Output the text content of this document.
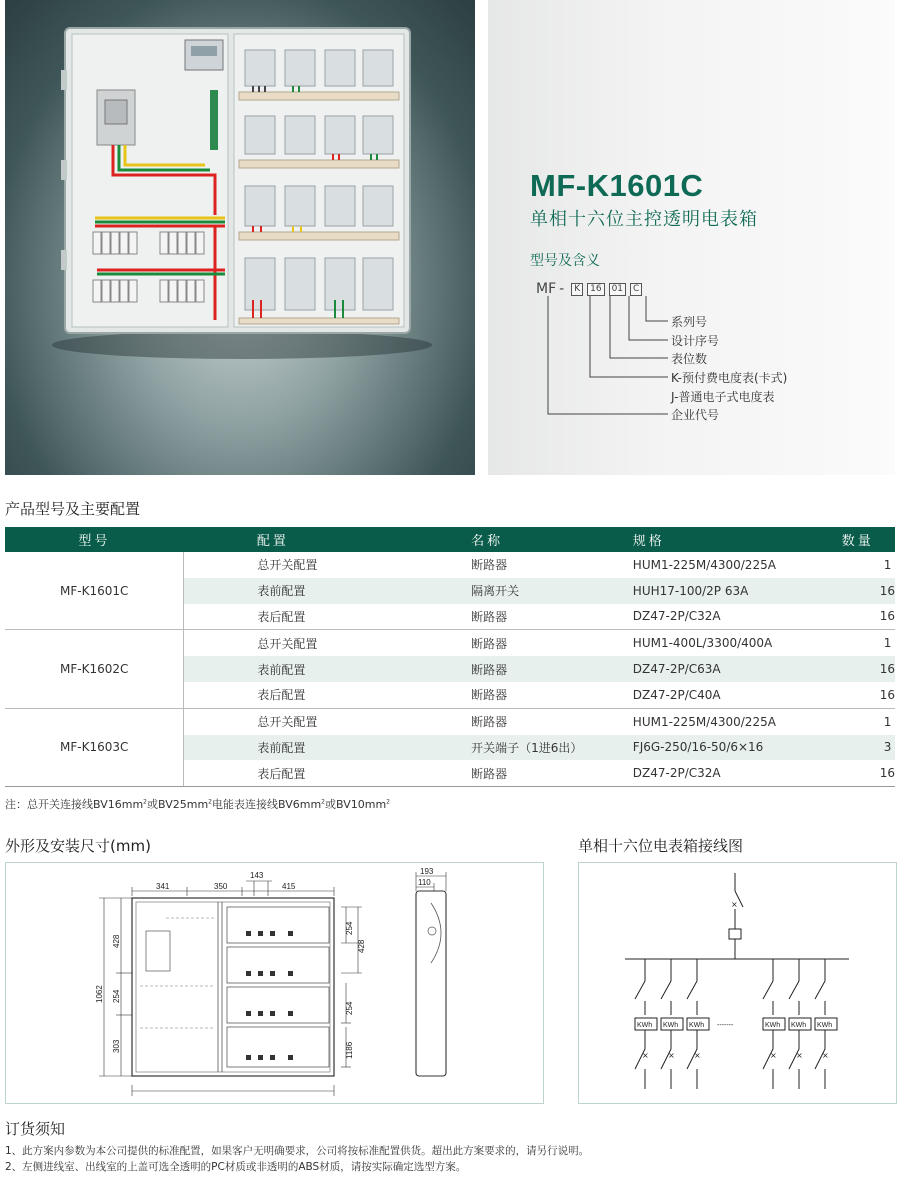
MF-K1601C
单相十六位主控透明电表箱
型号及含义
MF -	K	16	01	C
系列号
设计序号
表位数
K-预付费电度表(卡式)
J-普通电子式电度表
企业代号
产品型号及主要配置
型号	配置	名称	规格	数量
MF-K1601C	总开关配置	断路器	HUM1-225M/4300/225A	1
	表前配置	隔离开关	HUH17-100/2P 63A	16
	表后配置	断路器	DZ47-2P/C32A	16
MF-K1602C	总开关配置	断路器	HUM1-400L/3300/400A	1
	表前配置	断路器	DZ47-2P/C63A	16
	表后配置	断路器	DZ47-2P/C40A	16
MF-K1603C	总开关配置	断路器	HUM1-225M/4300/225A	1
	表前配置	开关端子（1进6出）	FJ6G-250/16-50/6×16	3
	表后配置	断路器	DZ47-2P/C32A	16
注：总开关连接线$BV16mm^2$或$BV25mm^2$电能表连接线$BV6mm^2$或$BV10mm^2$
外形及安装尺寸(mm)
341	350
143
415
428
254
303
1062
428
254
254
1186
193
110
单相十六位电表箱接线图
×
KWh KWh KWh	KWh KWh KWh
-------
× × ×	× × ×
订货须知
1、此方案内参数为本公司提供的标准配置，如果客户无明确要求，公司将按标准配置供货。超出此方案要求的，请另行说明。
2、左侧进线室、出线室的上盖可选全透明的PC材质或非透明的ABS材质，请按实际确定选型方案。
